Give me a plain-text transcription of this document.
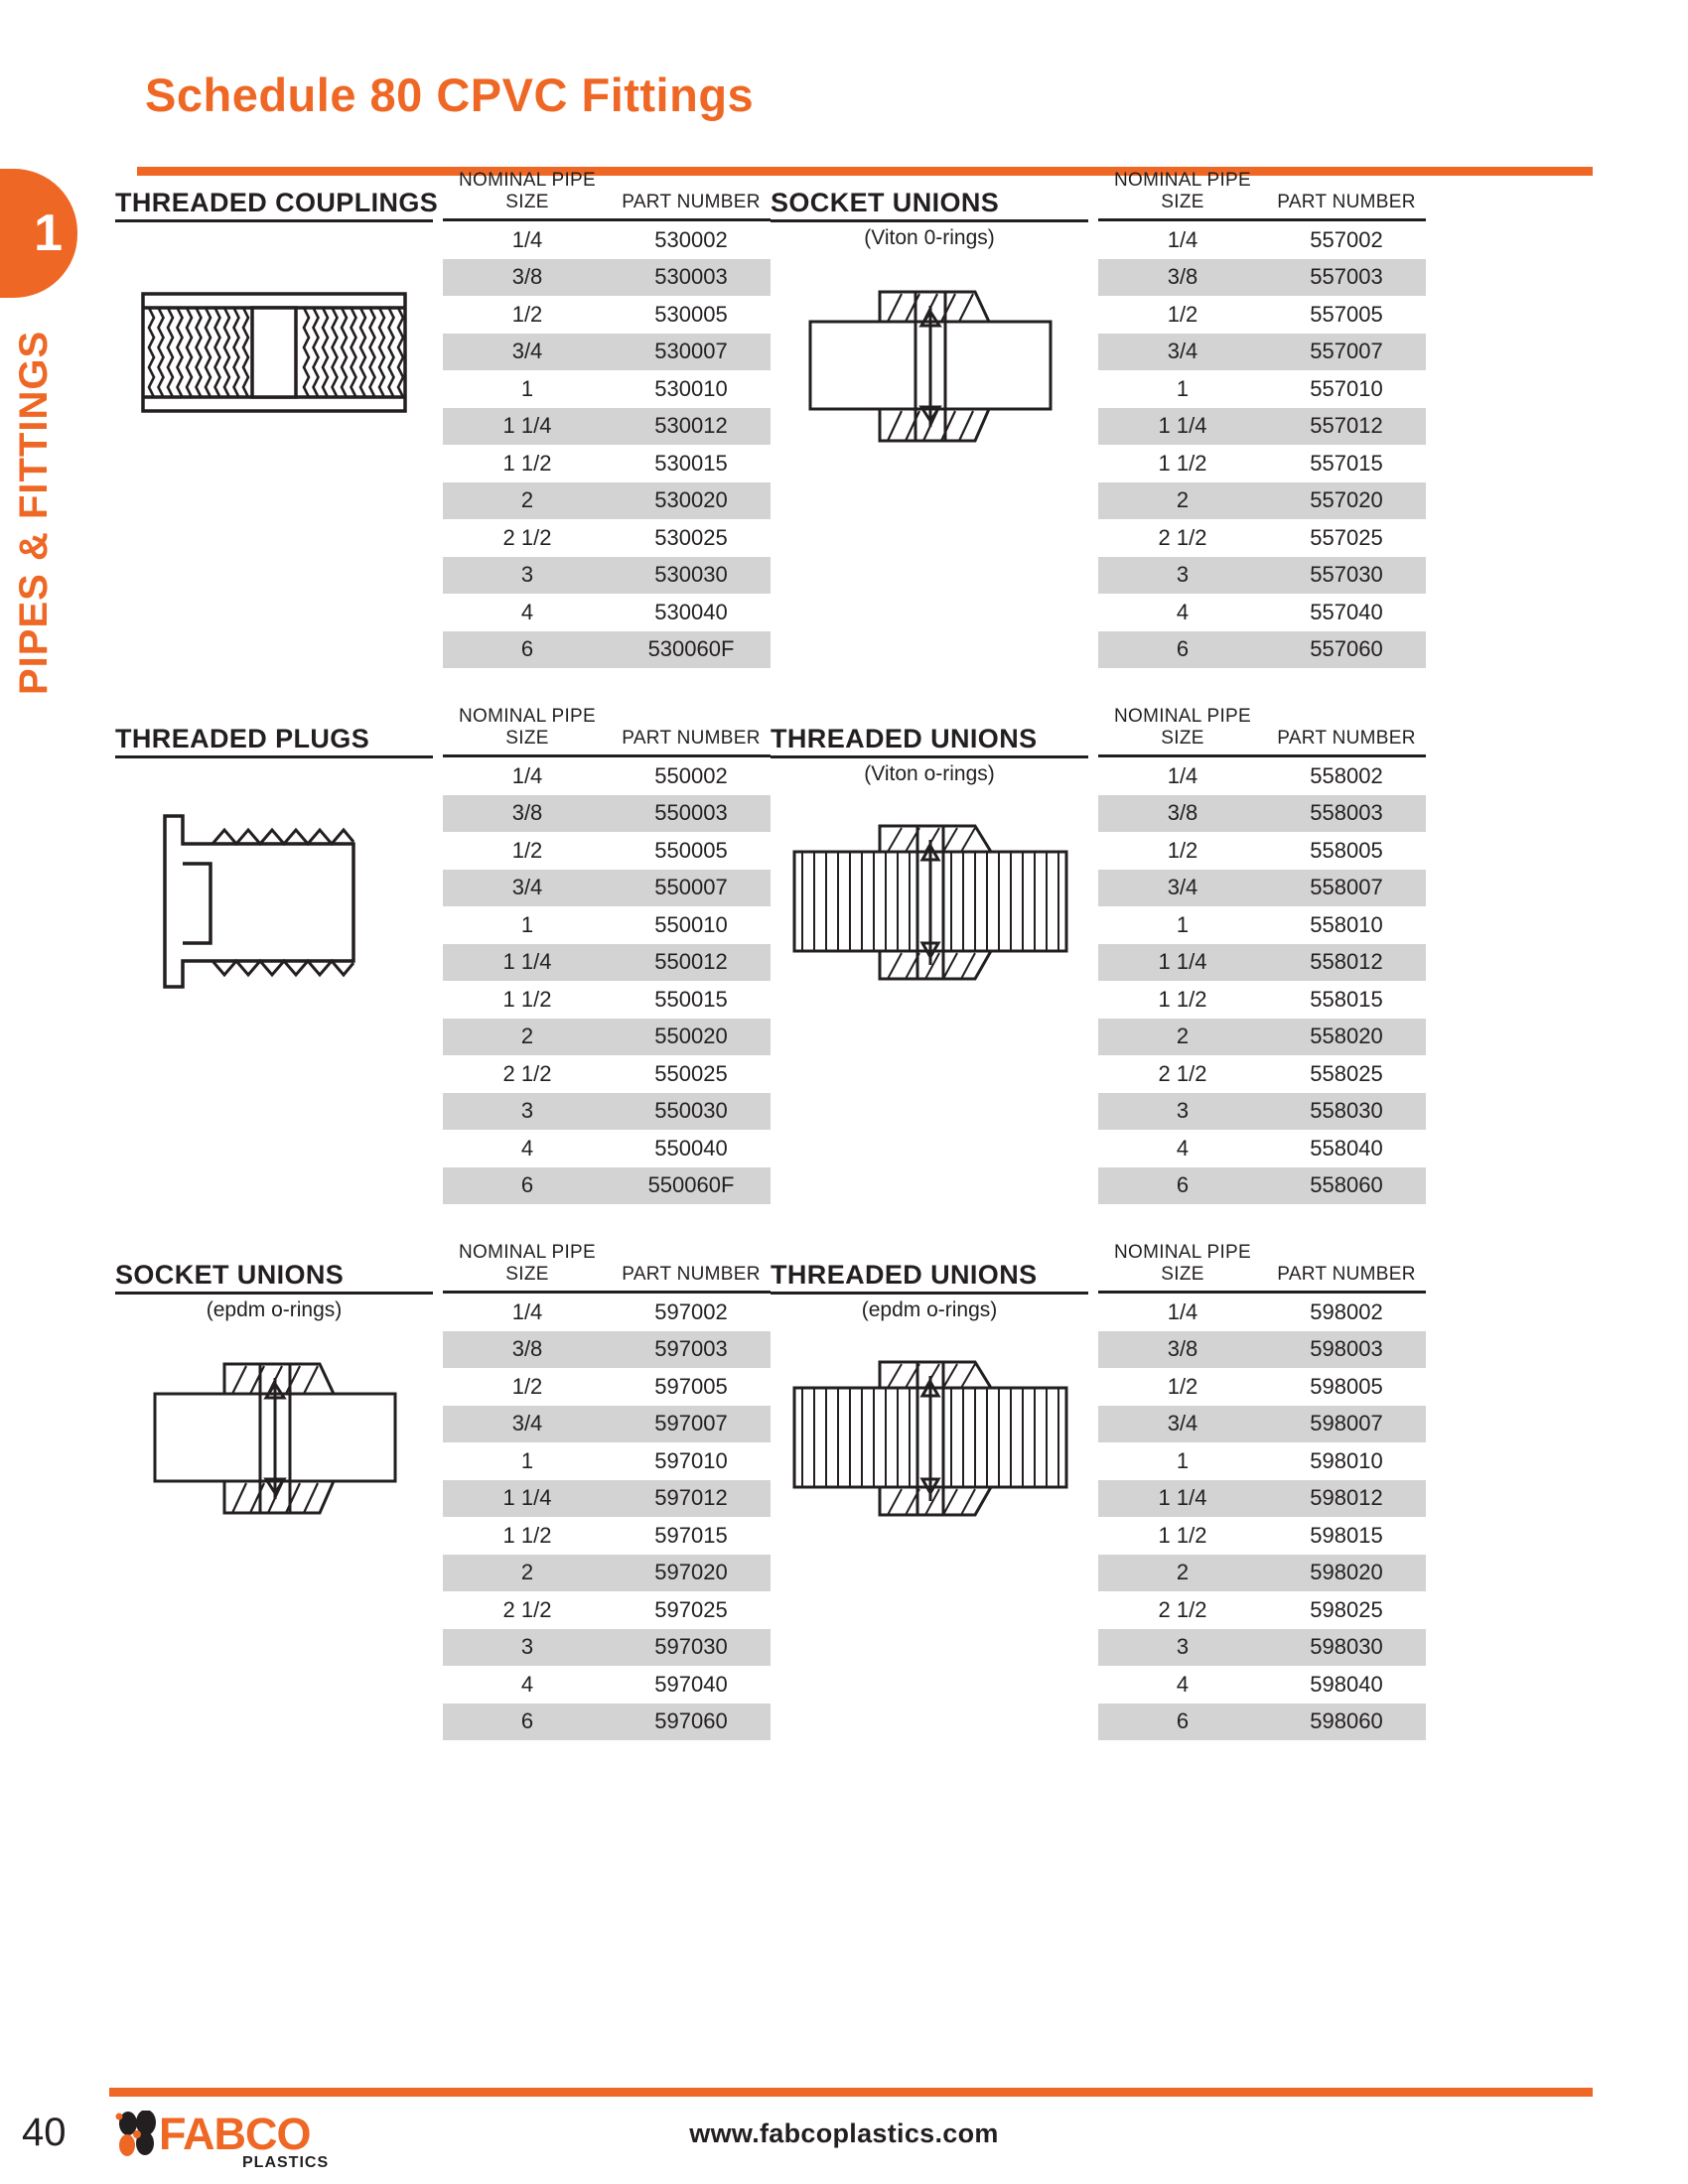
1
PIPES & FITTINGS
Schedule 80 CPVC Fittings
THREADED COUPLINGS
NOMINAL PIPE SIZE	PART NUMBER
1/4	530002
3/8	530003
1/2	530005
3/4	530007
1	530010
1 1/4	530012
1 1/2	530015
2	530020
2 1/2	530025
3	530030
4	530040
6	530060F
SOCKET UNIONS
(Viton 0-rings)
NOMINAL PIPE SIZE	PART NUMBER
1/4	557002
3/8	557003
1/2	557005
3/4	557007
1	557010
1 1/4	557012
1 1/2	557015
2	557020
2 1/2	557025
3	557030
4	557040
6	557060
THREADED PLUGS
NOMINAL PIPE SIZE	PART NUMBER
1/4	550002
3/8	550003
1/2	550005
3/4	550007
1	550010
1 1/4	550012
1 1/2	550015
2	550020
2 1/2	550025
3	550030
4	550040
6	550060F
THREADED UNIONS
(Viton o-rings)
NOMINAL PIPE SIZE	PART NUMBER
1/4	558002
3/8	558003
1/2	558005
3/4	558007
1	558010
1 1/4	558012
1 1/2	558015
2	558020
2 1/2	558025
3	558030
4	558040
6	558060
SOCKET UNIONS
(epdm o-rings)
NOMINAL PIPE SIZE	PART NUMBER
1/4	597002
3/8	597003
1/2	597005
3/4	597007
1	597010
1 1/4	597012
1 1/2	597015
2	597020
2 1/2	597025
3	597030
4	597040
6	597060
THREADED UNIONS
(epdm o-rings)
NOMINAL PIPE SIZE	PART NUMBER
1/4	598002
3/8	598003
1/2	598005
3/4	598007
1	598010
1 1/4	598012
1 1/2	598015
2	598020
2 1/2	598025
3	598030
4	598040
6	598060
40 FABCO
PLASTICS
www.fabcoplastics.com
